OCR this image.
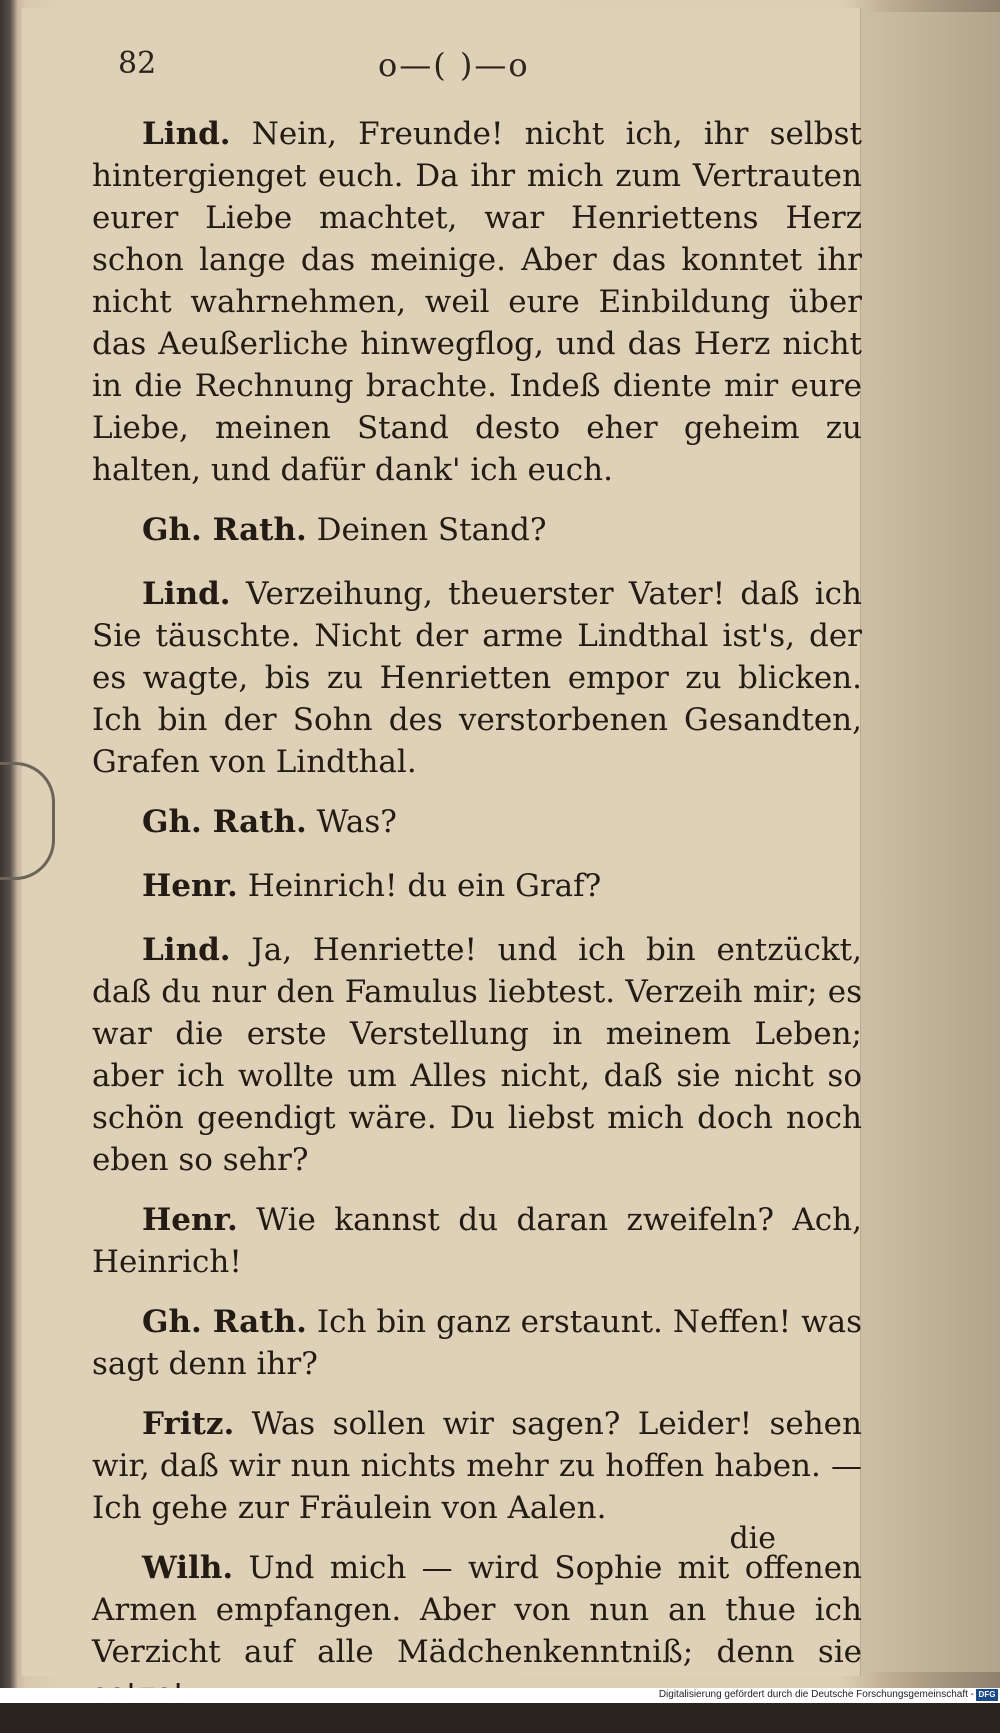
82	o—( )—o

Lind. Nein, Freunde! nicht ich, ihr selbst hintergienget euch. Da ihr mich zum Vertrauten eurer Liebe machtet, war Henriettens Herz schon lange das meinige. Aber das konntet ihr nicht wahrnehmen, weil eure Einbildung über das Aeußerliche hinwegflog, und das Herz nicht in die Rechnung brachte. Indeß diente mir eure Liebe, meinen Stand desto eher geheim zu halten, und dafür dank' ich euch.

Gh. Rath. Deinen Stand?

Lind. Verzeihung, theuerster Vater! daß ich Sie täuschte. Nicht der arme Lindthal ist's, der es wagte, bis zu Henrietten empor zu blicken. Ich bin der Sohn des verstorbenen Gesandten, Grafen von Lindthal.

Gh. Rath. Was?

Henr. Heinrich! du ein Graf?

Lind. Ja, Henriette! und ich bin entzückt, daß du nur den Famulus liebtest. Verzeih mir; es war die erste Verstellung in meinem Leben; aber ich wollte um Alles nicht, daß sie nicht so schön geendigt wäre. Du liebst mich doch noch eben so sehr?

Henr. Wie kannst du daran zweifeln? Ach, Heinrich!

Gh. Rath. Ich bin ganz erstaunt. Neffen! was sagt denn ihr?

Fritz. Was sollen wir sagen? Leider! sehen wir, daß wir nun nichts mehr zu hoffen haben. — Ich gehe zur Fräulein von Aalen.

Wilh. Und mich — wird Sophie mit offenen Armen empfangen. Aber von nun an thue ich Verzicht auf alle Mädchenkenntniß; denn sie

die
Digitalisierung gefördert durch die Deutsche Forschungsgemeinschaft - DFG
